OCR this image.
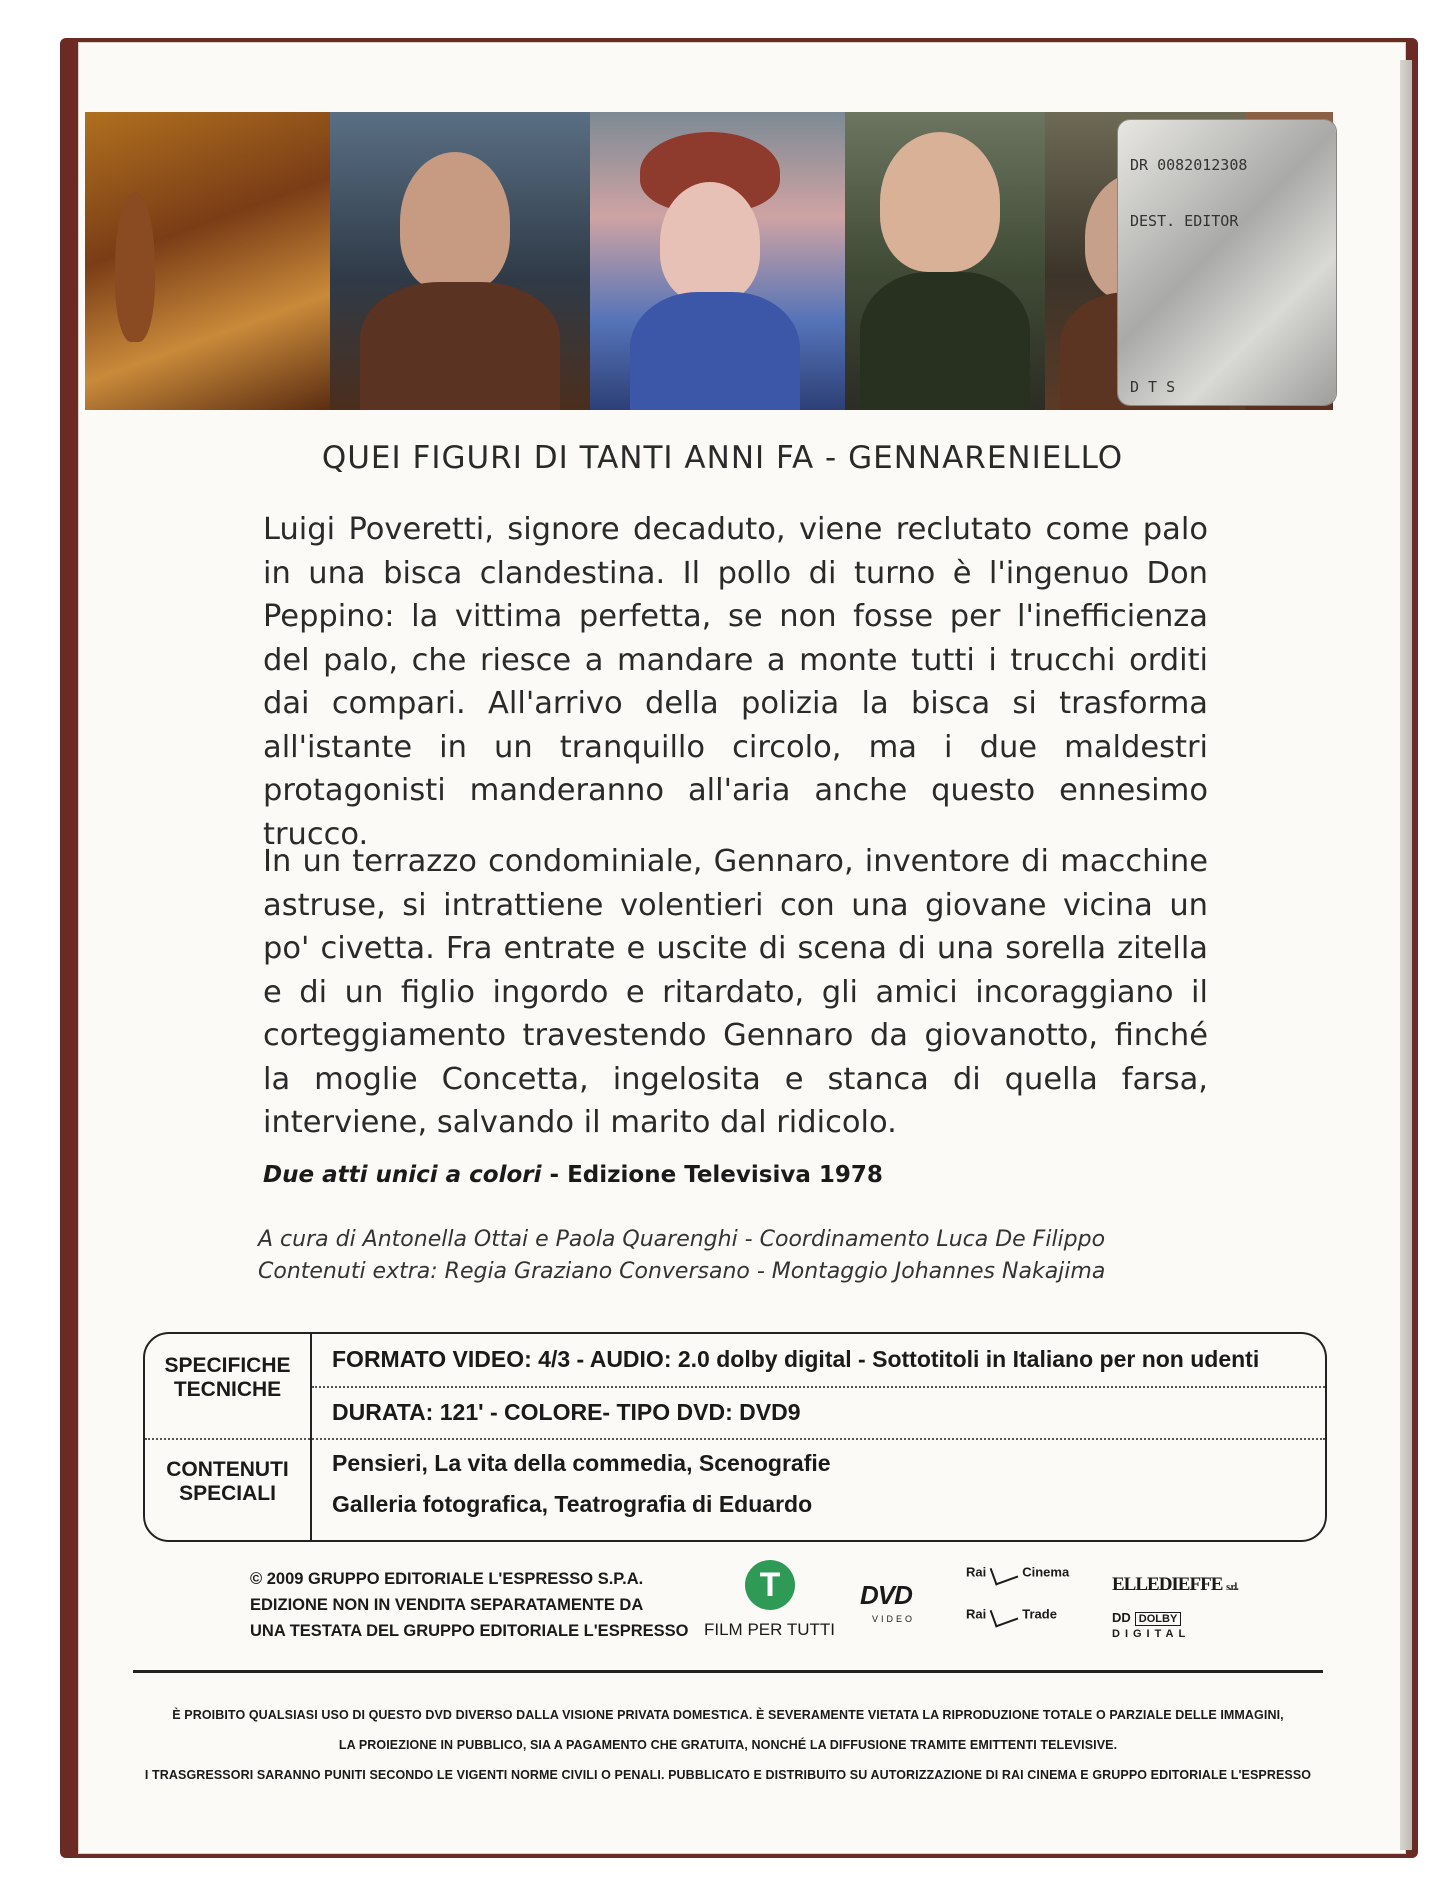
DR 0082012308
DEST. EDITOR
D T S
QUEI FIGURI DI TANTI ANNI FA - GENNARENIELLO
Luigi Poveretti, signore decaduto, viene reclutato come palo in una bisca clandestina. Il pollo di turno è l'ingenuo Don Peppino: la vittima perfetta, se non fosse per l'inefficienza del palo, che riesce a mandare a monte tutti i trucchi orditi dai compari. All'arrivo della polizia la bisca si trasforma all'istante in un tranquillo circolo, ma i due maldestri protagonisti manderanno all'aria anche questo ennesimo trucco.
In un terrazzo condominiale, Gennaro, inventore di macchine astruse, si intrattiene volentieri con una giovane vicina un po' civetta. Fra entrate e uscite di scena di una sorella zitella e di un figlio ingordo e ritardato, gli amici incoraggiano il corteggiamento travestendo Gennaro da giovanotto, finché la moglie Concetta, ingelosita e stanca di quella farsa, interviene, salvando il marito dal ridicolo.
Due atti unici a colori - Edizione Televisiva 1978
A cura di Antonella Ottai e Paola Quarenghi - Coordinamento Luca De Filippo
Contenuti extra: Regia Graziano Conversano - Montaggio Johannes Nakajima
SPECIFICHE TECNICHE
CONTENUTI SPECIALI
FORMATO VIDEO: 4/3 - AUDIO: 2.0 dolby digital - Sottotitoli in Italiano per non udenti
DURATA: 121' - COLORE- TIPO DVD: DVD9
Pensieri, La vita della commedia, Scenografie
Galleria fotografica, Teatrografia di Eduardo
© 2009 GRUPPO EDITORIALE L'ESPRESSO S.P.A.
EDIZIONE NON IN VENDITA SEPARATAMENTE DA
UNA TESTATA DEL GRUPPO EDITORIALE L'ESPRESSO
T
FILM PER TUTTI
DVD
VIDEO
Rai	Cinema
Rai	Trade
ELLEDIEFFE s.r.l.
DD DOLBY
DIGITAL
È PROIBITO QUALSIASI USO DI QUESTO DVD DIVERSO DALLA VISIONE PRIVATA DOMESTICA. È SEVERAMENTE VIETATA LA RIPRODUZIONE TOTALE O PARZIALE DELLE IMMAGINI,
LA PROIEZIONE IN PUBBLICO, SIA A PAGAMENTO CHE GRATUITA, NONCHÉ LA DIFFUSIONE TRAMITE EMITTENTI TELEVISIVE.
I TRASGRESSORI SARANNO PUNITI SECONDO LE VIGENTI NORME CIVILI O PENALI. PUBBLICATO E DISTRIBUITO SU AUTORIZZAZIONE DI RAI CINEMA E GRUPPO EDITORIALE L'ESPRESSO
